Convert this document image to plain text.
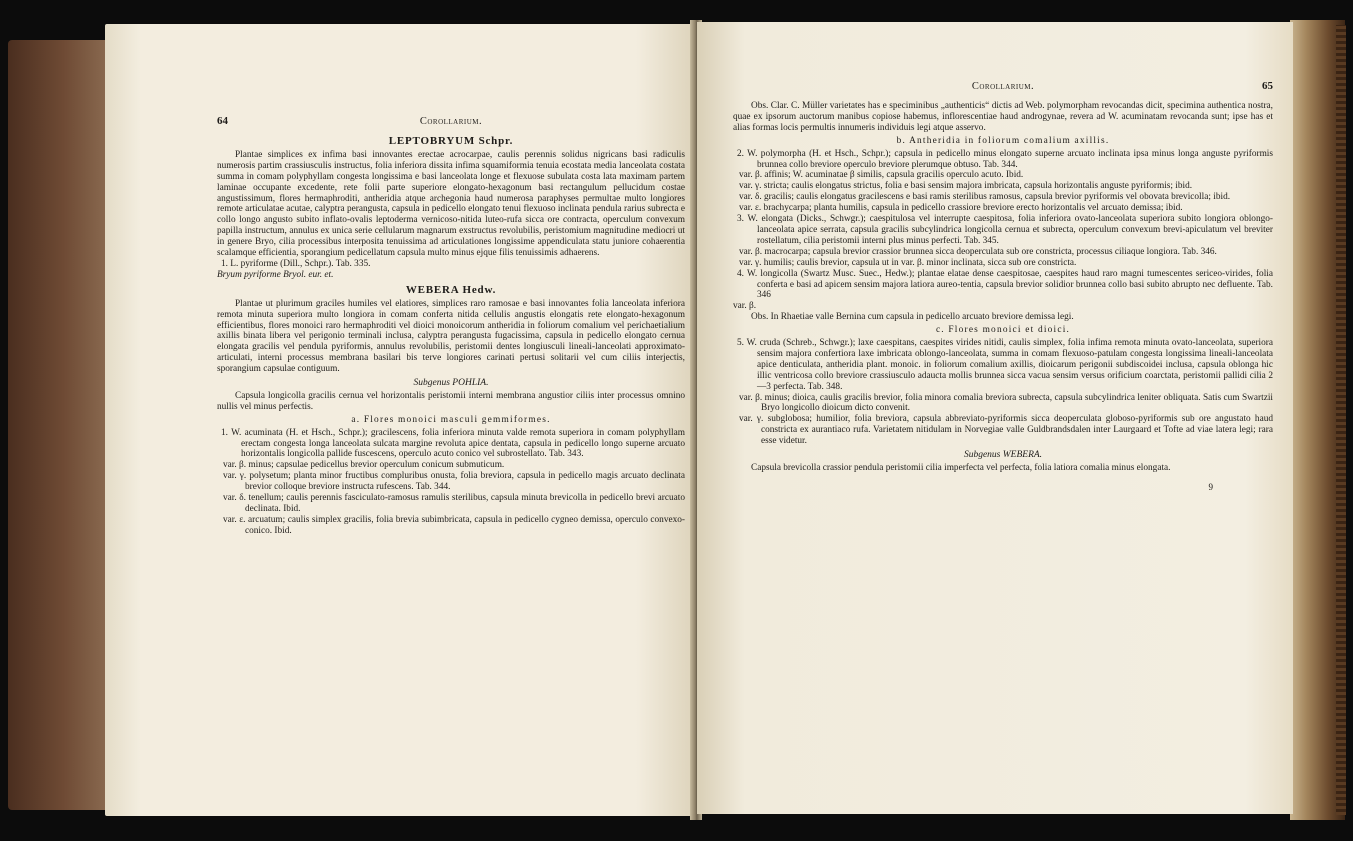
64	Corollarium.
LEPTOBRYUM Schpr.

Plantae simplices ex infima basi innovantes erectae acrocarpae, caulis perennis solidus nigricans basi radiculis numerosis partim crassiusculis instructus, folia inferiora dissita infima squamiformia tenuia ecostata media lanceolata costata summa in comam polyphyllam congesta longissima e basi lanceolata longe et flexuose subulata costa lata maximam partem laminae occupante excedente, rete folii parte superiore elongato-hexagonum basi rectangulum pellucidum costae angustissimum, flores hermaphroditi, antheridia atque archegonia haud numerosa paraphyses permultae multo longiores remote articulatae acutae, calyptra perangusta, capsula in pedicello elongato tenui flexuoso inclinata pendula rarius subrecta e collo longo angusto subito inflato-ovalis leptoderma vernicoso-nitida luteo-rufa sicca ore contracta, operculum convexum papilla instructum, annulus ex unica serie cellularum magnarum exstructus revolubilis, peristomium magnitudine mediocri ut in genere Bryo, cilia processibus interposita tenuissima ad articulationes longissime appendiculata statu juniore cohaerentia scalamque efficientia, sporangium pedicellatum capsula multo minus ejque filis tenuissimis adhaerens.

1. L. pyriforme (Dill., Schpr.). Tab. 335.

Bryum pyriforme Bryol. eur. et.

WEBERA Hedw.

Plantae ut plurimum graciles humiles vel elatiores, simplices raro ramosae e basi innovantes folia lanceolata inferiora remota minuta superiora multo longiora in comam conferta nitida cellulis angustis elongatis rete elongato-hexagonum efficientibus, flores monoici raro hermaphroditi vel dioici monoicorum antheridia in foliorum comalium vel perichaetialium axillis binata libera vel perigonio terminali inclusa, calyptra perangusta fugacissima, capsula in pedicello elongato cernua elongata gracilis vel pendula pyriformis, annulus revolubilis, peristomii dentes longiusculi lineali-lanceolati approximato-articulati, interni processus membrana basilari bis terve longiores carinati pertusi solitarii vel cum ciliis interjectis, sporangium capsulae contiguum.

Subgenus POHLIA.

Capsula longicolla gracilis cernua vel horizontalis peristomii interni membrana angustior ciliis inter processus omnino nullis vel minus perfectis.

a. Flores monoici masculi gemmiformes.

1. W. acuminata (H. et Hsch., Schpr.); gracilescens, folia inferiora minuta valde remota superiora in comam polyphyllam erectam congesta longa lanceolata sulcata margine revoluta apice dentata, capsula in pedicello longo superne arcuato horizontalis longicolla pallide fuscescens, operculo acuto conico vel subrostellato. Tab. 343.

var. β. minus; capsulae pedicellus brevior operculum conicum submuticum.

var. γ. polysetum; planta minor fructibus compluribus onusta, folia breviora, capsula in pedicello magis arcuato declinata brevior colloque breviore instructa rufescens. Tab. 344.

var. δ. tenellum; caulis perennis fasciculato-ramosus ramulis sterilibus, capsula minuta brevicolla in pedicello brevi arcuato declinata. Ibid.

var. ε. arcuatum; caulis simplex gracilis, folia brevia subimbricata, capsula in pedicello cygneo demissa, operculo convexo-conico. Ibid.

Corollarium.	65

Obs. Clar. C. Müller varietates has e speciminibus „authenticis“ dictis ad Web. polymorpham revocandas dicit, specimina authentica nostra, quae ex ipsorum auctorum manibus copiose habemus, inflorescentiae haud androgynae, revera ad W. acuminatam revocanda sunt; ipse has et alias formas locis permultis innumeris individuis legi atque asservo.

b. Antheridia in foliorum comalium axillis.

2. W. polymorpha (H. et Hsch., Schpr.); capsula in pedicello minus elongato superne arcuato inclinata ipsa minus longa anguste pyriformis brunnea collo breviore operculo breviore plerumque obtuso. Tab. 344.

var. β. affinis; W. acuminatae β similis, capsula gracilis operculo acuto. Ibid.

var. γ. stricta; caulis elongatus strictus, folia e basi sensim majora imbricata, capsula horizontalis anguste pyriformis; ibid.

var. δ. gracilis; caulis elongatus gracilescens e basi ramis sterilibus ramosus, capsula brevior pyriformis vel obovata brevicolla; ibid.

var. ε. brachycarpa; planta humilis, capsula in pedicello crassiore breviore erecto horizontalis vel arcuato demissa; ibid.

3. W. elongata (Dicks., Schwgr.); caespitulosa vel interrupte caespitosa, folia inferiora ovato-lanceolata superiora subito longiora oblongo-lanceolata apice serrata, capsula gracilis subcylindrica longicolla cernua et subrecta, operculum convexum brevi-apiculatum vel breviter rostellatum, cilia peristomii interni plus minus perfecti. Tab. 345.

var. β. macrocarpa; capsula brevior crassior brunnea sicca deoperculata sub ore constricta, processus ciliaque longiora. Tab. 346.

var. γ. humilis; caulis brevior, capsula ut in var. β. minor inclinata, sicca sub ore constricta.

4. W. longicolla (Swartz Musc. Suec., Hedw.); plantae elatae dense caespitosae, caespites haud raro magni tumescentes sericeo-virides, folia conferta e basi ad apicem sensim majora latiora aureo-tentia, capsula brevior solidior brunnea collo basi subito abrupto nec defluente. Tab. 346

var. β.

Obs. In Rhaetiae valle Bernina cum capsula in pedicello arcuato breviore demissa legi.

c. Flores monoici et dioici.

5. W. cruda (Schreb., Schwgr.); laxe caespitans, caespites virides nitidi, caulis simplex, folia infima remota minuta ovato-lanceolata, superiora sensim majora confertiora laxe imbricata oblongo-lanceolata, summa in comam flexuoso-patulam congesta longissima lineali-lanceolata apice denticulata, antheridia plant. monoic. in foliorum comalium axillis, dioicarum perigonii subdiscoidei inclusa, capsula oblonga hic illic ventricosa collo breviore crassiusculo adaucta mollis brunnea sicca vacua sensim versus orificium coarctata, peristomii pallidi cilia 2—3 perfecta. Tab. 348.

var. β. minus; dioica, caulis gracilis brevior, folia minora comalia breviora subrecta, capsula subcylindrica leniter obliquata. Satis cum Swartzii Bryo longicollo dioicum dicto convenit.

var. γ. subglobosa; humilior, folia breviora, capsula abbreviato-pyriformis sicca deoperculata globoso-pyriformis sub ore angustato haud constricta ex aurantiaco rufa. Varietatem nitidulam in Norvegiae valle Guldbrandsdalen inter Laurgaard et Tofte ad viae latera legi; rara esse videtur.

Subgenus WEBERA.

Capsula brevicolla crassior pendula peristomii cilia imperfecta vel perfecta, folia latiora comalia minus elongata.

9
